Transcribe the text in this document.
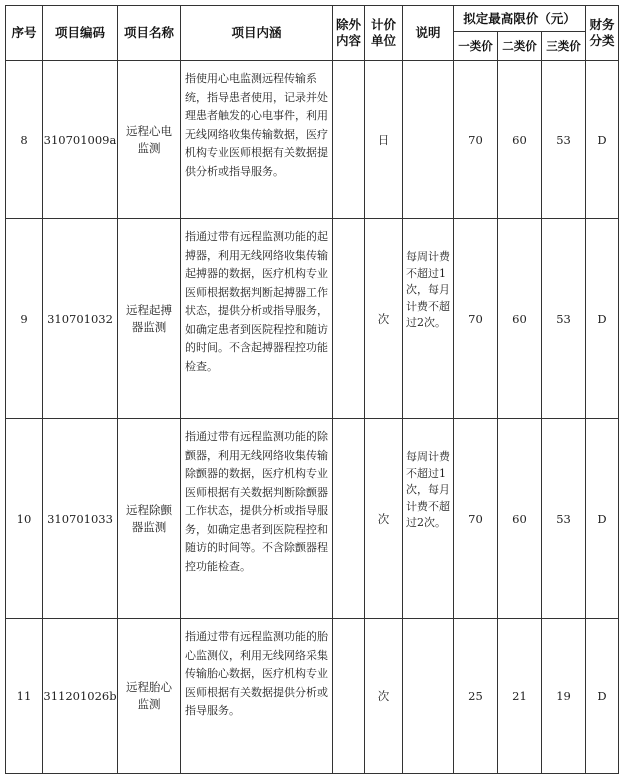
序号	项目编码	项目名称	项目内涵	除外内容	计价单位	说明	拟定最高限价（元）			财务分类
							一类价	二类价	三类价	
8	310701009a	远程心电监测	指使用心电监测远程传输系统，指导患者使用，记录并处理患者触发的心电事件，利用无线网络收集传输数据，医疗机构专业医师根据有关数据提供分析或指导服务。		日		70	60	53	D
9	310701032	远程起搏器监测	指通过带有远程监测功能的起搏器，利用无线网络收集传输起搏器的数据，医疗机构专业医师根据数据判断起搏器工作状态，提供分析或指导服务，如确定患者到医院程控和随访的时间。不含起搏器程控功能检查。		次	每周计费不超过1次，每月计费不超过2次。	70	60	53	D
10	310701033	远程除颤器监测	指通过带有远程监测功能的除颤器，利用无线网络收集传输除颤器的数据，医疗机构专业医师根据有关数据判断除颤器工作状态，提供分析或指导服务，如确定患者到医院程控和随访的时间等。不含除颤器程控功能检查。		次	每周计费不超过1次，每月计费不超过2次。	70	60	53	D
11	311201026b	远程胎心监测	指通过带有远程监测功能的胎心监测仪，利用无线网络采集传输胎心数据，医疗机构专业医师根据有关数据提供分析或指导服务。		次		25	21	19	D
